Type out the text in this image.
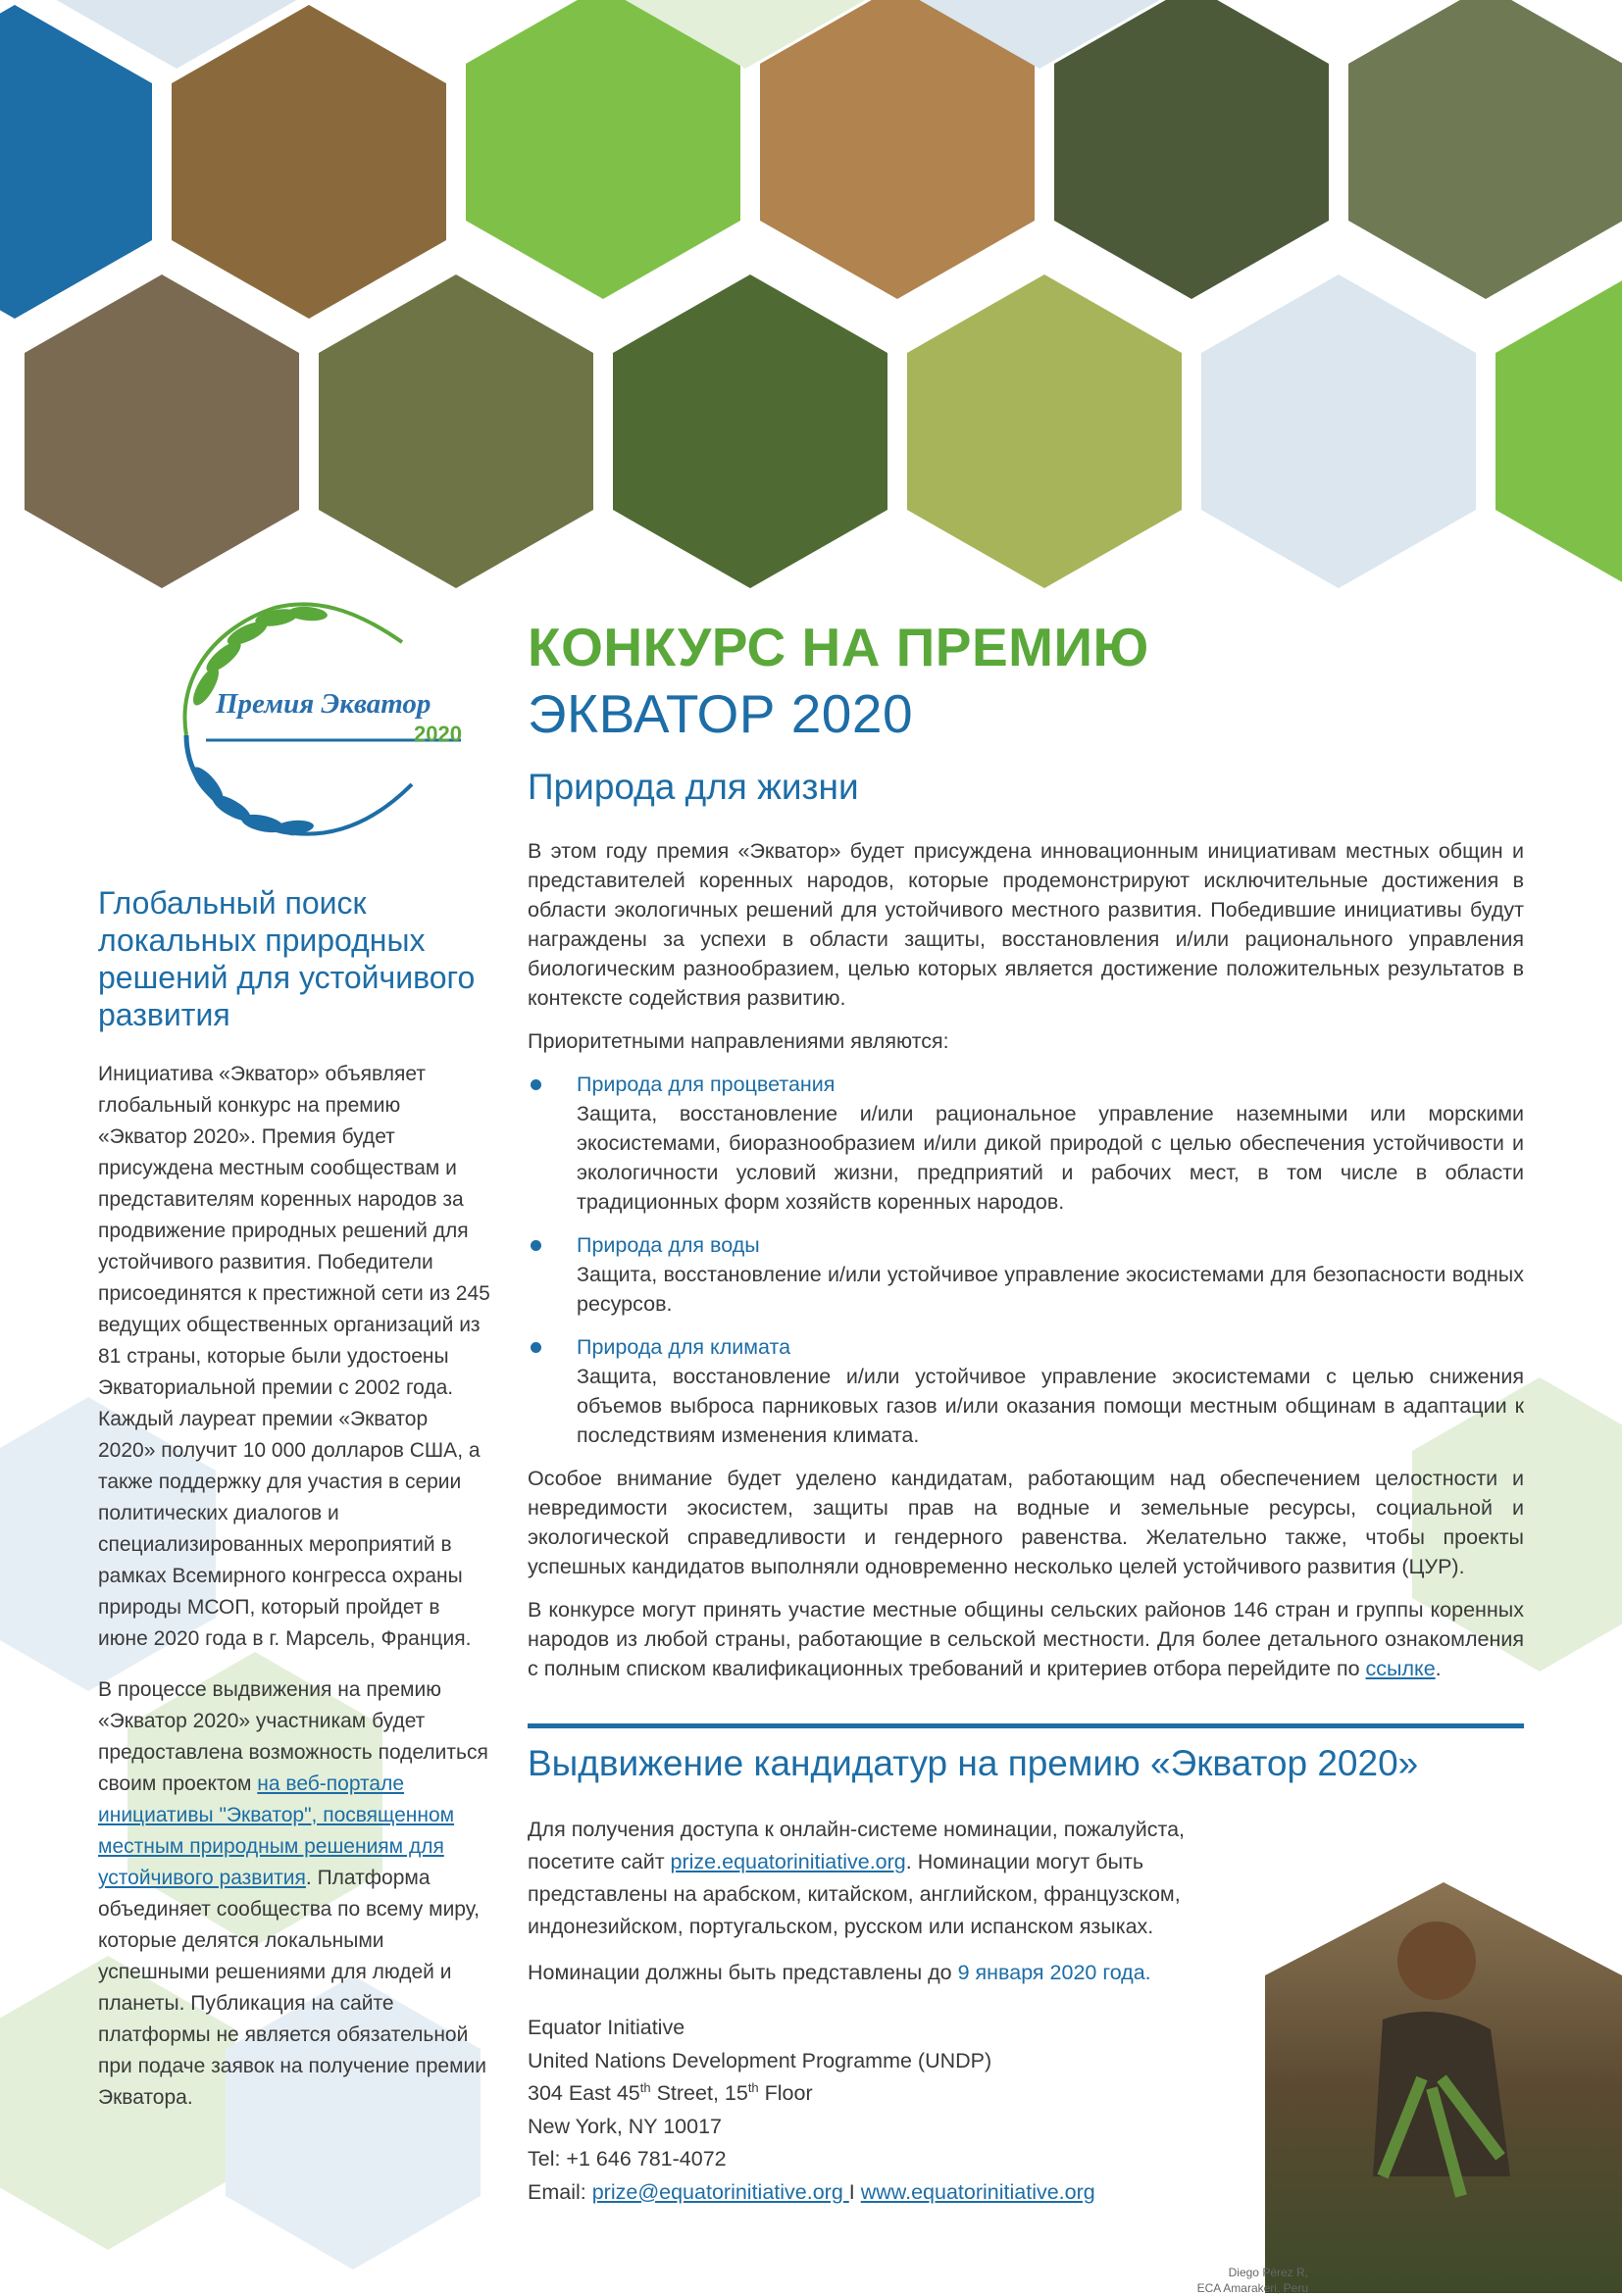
Премия Экватор
2020
КОНКУРС НА ПРЕМИЮ
ЭКВАТОР 2020
Природа для жизни

В этом году премия «Экватор» будет присуждена инновационным инициативам местных общин и представителей коренных народов, которые продемонстрируют исключительные достижения в области экологичных решений для устойчивого местного развития. Победившие инициативы будут награждены за успехи в области защиты, восстановления и/или рационального управления биологическим разнообразием, целью которых является достижение положительных результатов в контексте содействия развитию.

Приоритетными направлениями являются:

Природа для процветания
Защита, восстановление и/или рациональное управление наземными или морскими экосистемами, биоразнообразием и/или дикой природой с целью обеспечения устойчивости и экологичности условий жизни, предприятий и рабочих мест, в том числе в области традиционных форм хозяйств коренных народов.
Природа для воды
Защита, восстановление и/или устойчивое управление экосистемами для безопасности водных ресурсов.
Природа для климата
Защита, восстановление и/или устойчивое управление экосистемами с целью снижения объемов выброса парниковых газов и/или оказания помощи местным общинам в адаптации к последствиям изменения климата.

Особое внимание будет уделено кандидатам, работающим над обеспечением целостности и невредимости экосистем, защиты прав на водные и земельные ресурсы, социальной и экологической справедливости и гендерного равенства. Желательно также, чтобы проекты успешных кандидатов выполняли одновременно несколько целей устойчивого развития (ЦУР).

В конкурсе могут принять участие местные общины сельских районов 146 стран и группы коренных народов из любой страны, работающие в сельской местности. Для более детального ознакомления с полным списком квалификационных требований и критериев отбора перейдите по ссылке.

Выдвижение кандидатур на премию «Экватор 2020»

Для получения доступа к онлайн-системе номинации, пожалуйста, посетите сайт prize.equatorinitiative.org. Номинации могут быть представлены на арабском, китайском, английском, французском, индонезийском, португальском, русском или испанском языках.

Номинации должны быть представлены до 9 января 2020 года.

Equator Initiative
United Nations Development Programme (UNDP)
304 East 45th Street, 15th Floor
New York, NY 10017
Tel: +1 646 781-4072
Email: prize@equatorinitiative.org I www.equatorinitiative.org
Глобальный поиск локальных природных решений для устойчивого развития

Инициатива «Экватор» объявляет глобальный конкурс на премию «Экватор 2020». Премия будет присуждена местным сообществам и представителям коренных народов за продвижение природных решений для устойчивого развития. Победители присоединятся к престижной сети из 245 ведущих общественных организаций из 81 страны, которые были удостоены Экваториальной премии с 2002 года. Каждый лауреат премии «Экватор 2020» получит 10 000 долларов США, а также поддержку для участия в серии политических диалогов и специализированных мероприятий в рамках Всемирного конгресса охраны природы МСОП, который пройдет в июне 2020 года в г. Марсель, Франция.

В процессе выдвижения на премию «Экватор 2020» участникам будет предоставлена возможность поделиться своим проектом на веб-портале инициативы "Экватор", посвященном местным природным решениям для устойчивого развития. Платформа объединяет сообщества по всему миру, которые делятся локальными успешными решениями для людей и планеты. Публикация на сайте платформы не является обязательной при подаче заявок на получение премии Экватора.

Diego Pérez R,
ECA Amarakeri, Peru
